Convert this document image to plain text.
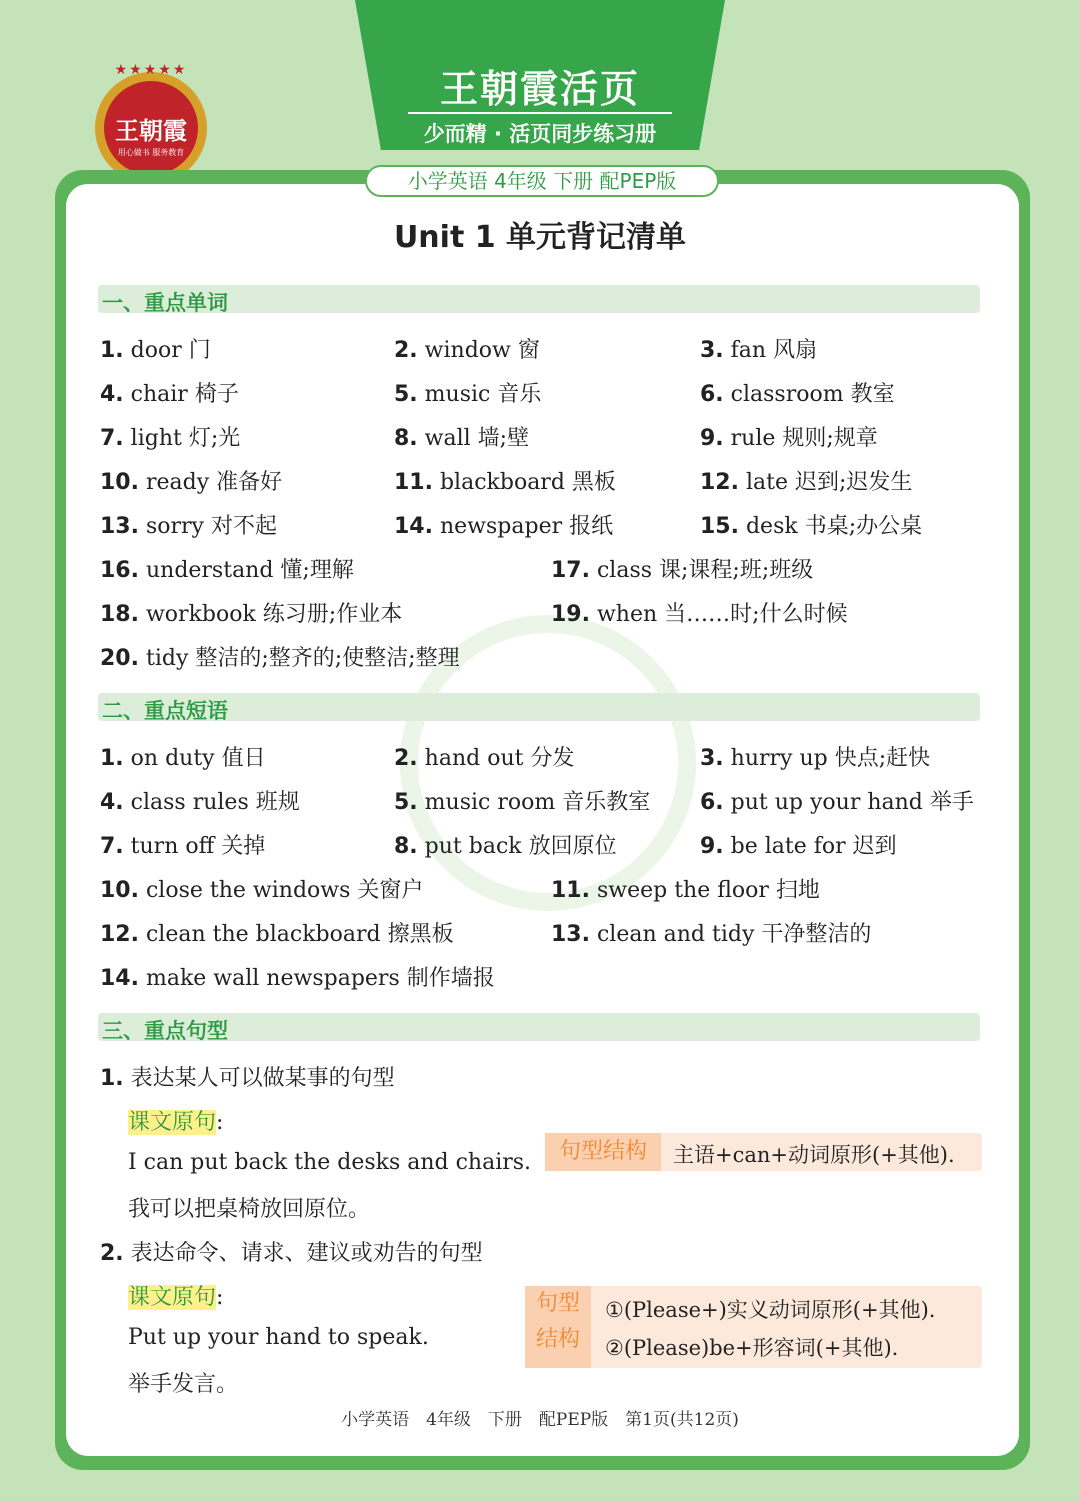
王朝霞活页
少而精 · 活页同步练习册
★★★★★
王朝霞
用心做书 服务教育
小学英语 4年级 下册 配PEP版
Unit 1 单元背记清单
一、重点单词
1. door 门	2. window 窗	3. fan 风扇
4. chair 椅子	5. music 音乐	6. classroom 教室
7. light 灯;光	8. wall 墙;壁	9. rule 规则;规章
10. ready 准备好	11. blackboard 黑板	12. late 迟到;迟发生
13. sorry 对不起	14. newspaper 报纸	15. desk 书桌;办公桌
16. understand 懂;理解	17. class 课;课程;班;班级
18. workbook 练习册;作业本	19. when 当……时;什么时候
20. tidy 整洁的;整齐的;使整洁;整理
二、重点短语
1. on duty 值日	2. hand out 分发	3. hurry up 快点;赶快
4. class rules 班规	5. music room 音乐教室 6. put up your hand 举手
7. turn off 关掉	8. put back 放回原位	9. be late for 迟到
10. close the windows 关窗户	11. sweep the floor 扫地
12. clean the blackboard 擦黑板	13. clean and tidy 干净整洁的
14. make wall newspapers 制作墙报
三、重点句型
1. 表达某人可以做某事的句型
课文原句:
I can put back the desks and chairs.
我可以把桌椅放回原位。
句型结构	主语+can+动词原形(+其他).
2. 表达命令、请求、建议或劝告的句型
课文原句:
Put up your hand to speak.
举手发言。
句型
结构
①(Please+)实义动词原形(+其他).
②(Please)be+形容词(+其他).
小学英语　4年级　下册　配PEP版　第1页(共12页)
